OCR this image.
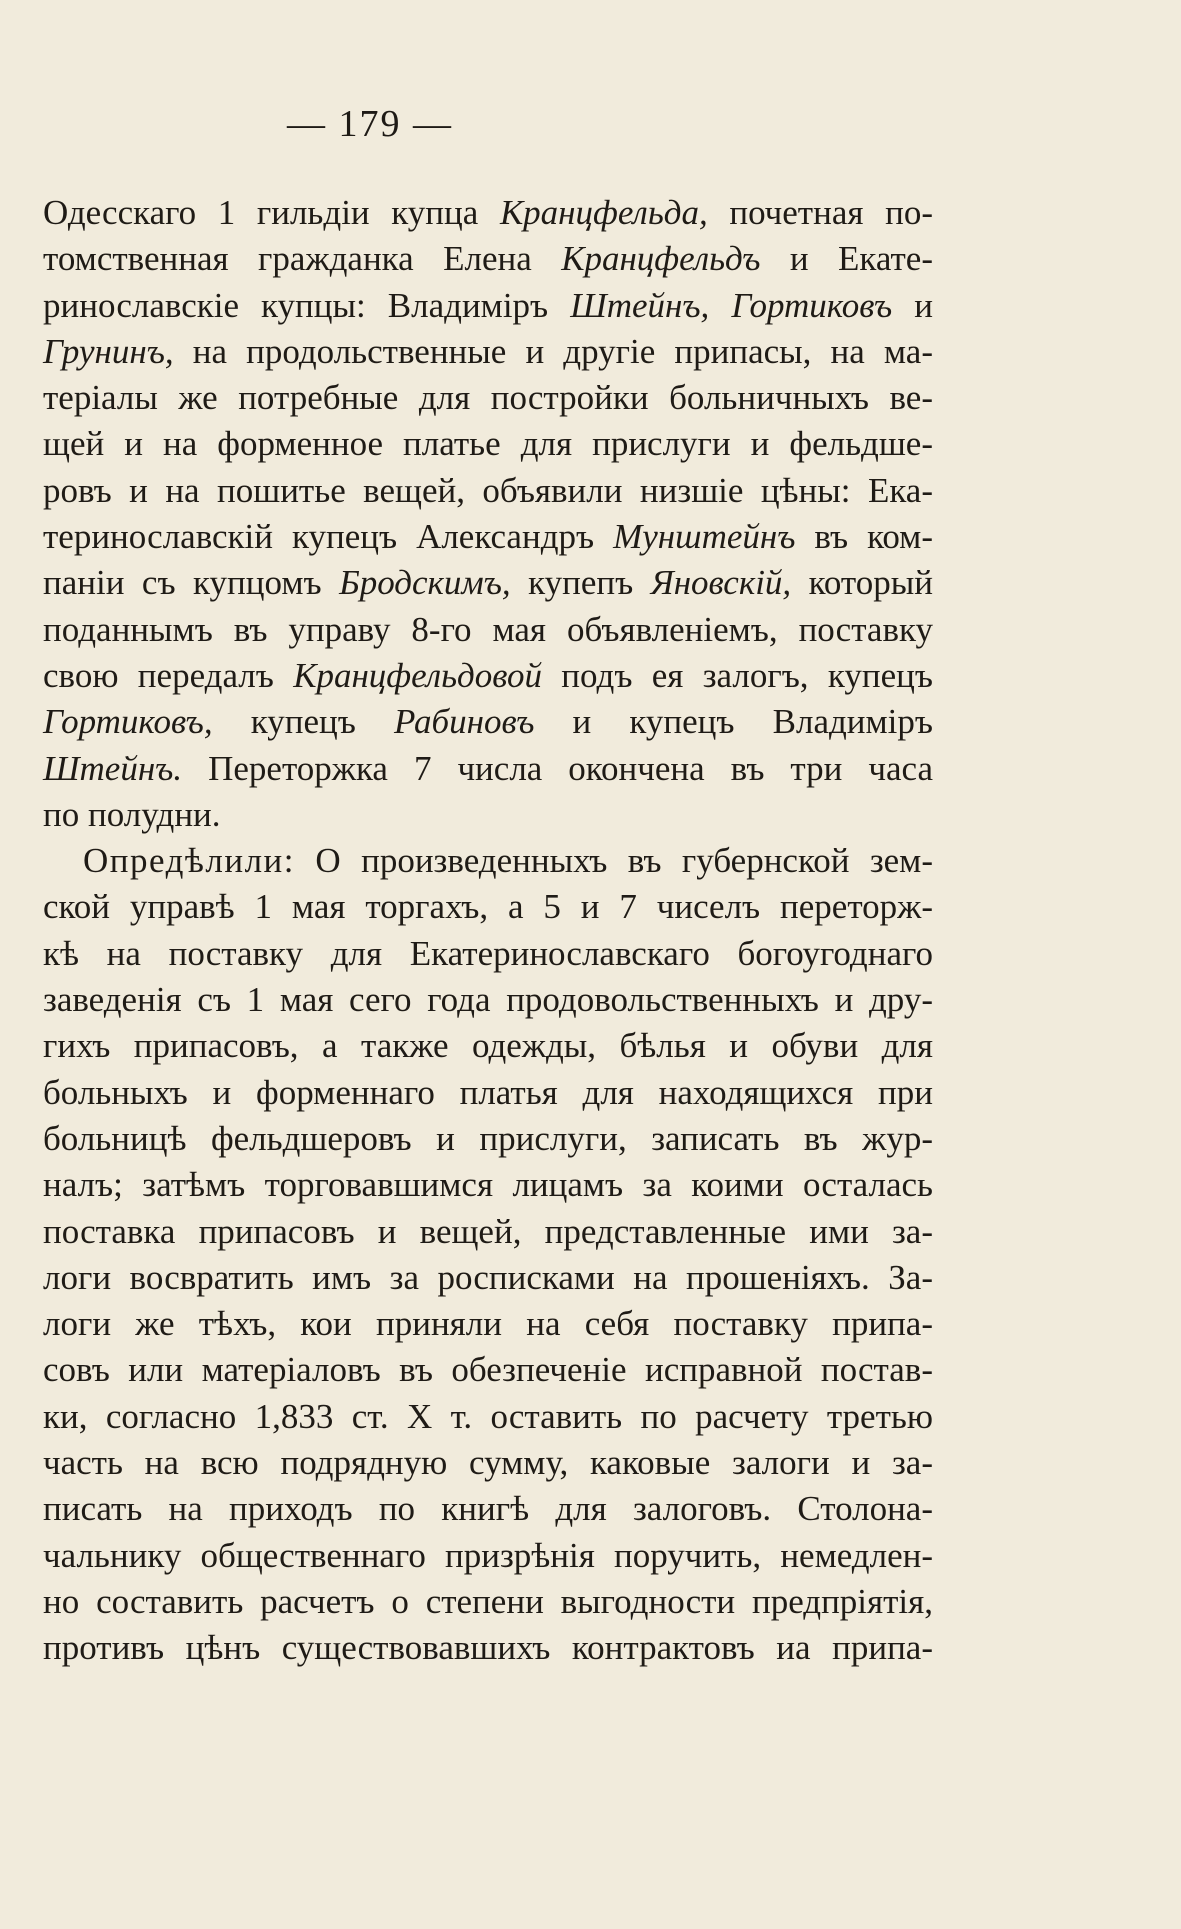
— 179 —
Одесскаго 1 гильдіи купца Кранцфельда, почетная по-
томственная гражданка Елена Кранцфельдъ и Екате-
ринославскіе купцы: Владиміръ Штейнъ, Гортиковъ и
Грунинъ, на продольственные и другіе припасы, на ма-
теріалы же потребные для постройки больничныхъ ве-
щей и на форменное платье для прислуги и фельдше-
ровъ и на пошитье вещей, объявили низшіе цѣны: Ека-
теринославскій купецъ Александръ Мунштейнъ въ ком-
паніи съ купцомъ Бродскимъ, купепъ Яновскій, который
поданнымъ въ управу 8-го мая объявленіемъ, поставку
свою передалъ Кранцфельдовой подъ ея залогъ, купецъ
Гортиковъ, купецъ Рабиновъ и купецъ Владиміръ
Штейнъ. Переторжка 7 числа окончена въ три часа
по полудни.
Опредѣлили: О произведенныхъ въ губернской зем-
ской управѣ 1 мая торгахъ, а 5 и 7 чиселъ переторж-
кѣ на поставку для Екатеринославскаго богоугоднаго
заведенія съ 1 мая сего года продовольственныхъ и дру-
гихъ припасовъ, а также одежды, бѣлья и обуви для
больныхъ и форменнаго платья для находящихся при
больницѣ фельдшеровъ и прислуги, записать въ жур-
налъ; затѣмъ торговавшимся лицамъ за коими осталась
поставка припасовъ и вещей, представленные ими за-
логи восвратить имъ за росписками на прошеніяхъ. За-
логи же тѣхъ, кои приняли на себя поставку припа-
совъ или матеріаловъ въ обезпеченіе исправной постав-
ки, согласно 1,833 ст. X т. оставить по расчету третью
часть на всю подрядную сумму, каковые залоги и за-
писать на приходъ по книгѣ для залоговъ. Столона-
чальнику общественнаго призрѣнія поручить, немедлен-
но составить расчетъ о степени выгодности предпріятія,
противъ цѣнъ существовавшихъ контрактовъ иа припа-
